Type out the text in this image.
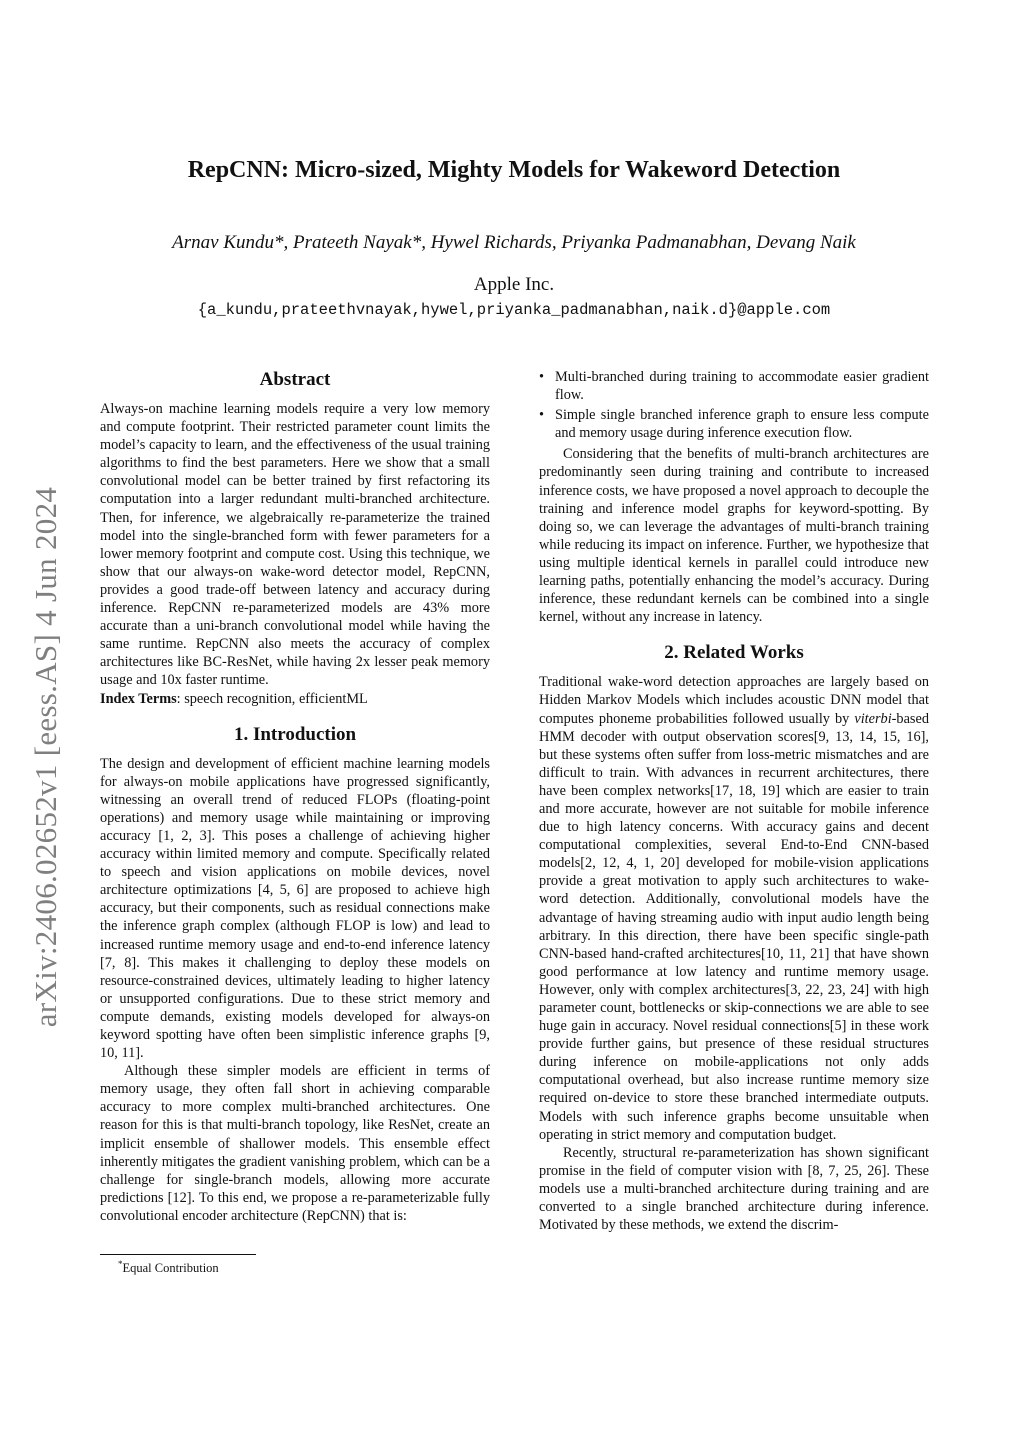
arXiv:2406.02652v1 [eess.AS] 4 Jun 2024
RepCNN: Micro-sized, Mighty Models for Wakeword Detection
Arnav Kundu*, Prateeth Nayak*, Hywel Richards, Priyanka Padmanabhan, Devang Naik
Apple Inc.
{a_kundu,prateethvnayak,hywel,priyanka_padmanabhan,naik.d}@apple.com
Abstract

Always-on machine learning models require a very low memory and compute footprint. Their restricted parameter count limits the model’s capacity to learn, and the effectiveness of the usual training algorithms to find the best parameters. Here we show that a small convolutional model can be better trained by first refactoring its computation into a larger redundant multi-branched architecture. Then, for inference, we algebraically re-parameterize the trained model into the single-branched form with fewer parameters for a lower memory footprint and compute cost. Using this technique, we show that our always-on wake-word detector model, RepCNN, provides a good trade-off between latency and accuracy during inference. RepCNN re-parameterized models are 43% more accurate than a uni-branch convolutional model while having the same runtime. RepCNN also meets the accuracy of complex architectures like BC-ResNet, while having 2x lesser peak memory usage and 10x faster runtime.

Index Terms: speech recognition, efficientML

1. Introduction

The design and development of efficient machine learning models for always-on mobile applications have progressed significantly, witnessing an overall trend of reduced FLOPs (floating-point operations) and memory usage while maintaining or improving accuracy [1, 2, 3]. This poses a challenge of achieving higher accuracy within limited memory and compute. Specifically related to speech and vision applications on mobile devices, novel architecture optimizations [4, 5, 6] are proposed to achieve high accuracy, but their components, such as residual connections make the inference graph complex (although FLOP is low) and lead to increased runtime memory usage and end-to-end inference latency [7, 8]. This makes it challenging to deploy these models on resource-constrained devices, ultimately leading to higher latency or unsupported configurations. Due to these strict memory and compute demands, existing models developed for always-on keyword spotting have often been simplistic inference graphs [9, 10, 11].

Although these simpler models are efficient in terms of memory usage, they often fall short in achieving comparable accuracy to more complex multi-branched architectures. One reason for this is that multi-branch topology, like ResNet, create an implicit ensemble of shallower models. This ensemble effect inherently mitigates the gradient vanishing problem, which can be a challenge for single-branch models, allowing more accurate predictions [12]. To this end, we propose a re-parameterizable fully convolutional encoder architecture (RepCNN) that is:

• Multi-branched during training to accommodate easier gradient flow.
• Simple single branched inference graph to ensure less compute and memory usage during inference execution flow.

Considering that the benefits of multi-branch architectures are predominantly seen during training and contribute to increased inference costs, we have proposed a novel approach to decouple the training and inference model graphs for keyword-spotting. By doing so, we can leverage the advantages of multi-branch training while reducing its impact on inference. Further, we hypothesize that using multiple identical kernels in parallel could introduce new learning paths, potentially enhancing the model’s accuracy. During inference, these redundant kernels can be combined into a single kernel, without any increase in latency.

2. Related Works

Traditional wake-word detection approaches are largely based on Hidden Markov Models which includes acoustic DNN model that computes phoneme probabilities followed usually by viterbi-based HMM decoder with output observation scores[9, 13, 14, 15, 16], but these systems often suffer from loss-metric mismatches and are difficult to train. With advances in recurrent architectures, there have been complex networks[17, 18, 19] which are easier to train and more accurate, however are not suitable for mobile inference due to high latency concerns. With accuracy gains and decent computational complexities, several End-to-End CNN-based models[2, 12, 4, 1, 20] developed for mobile-vision applications provide a great motivation to apply such architectures to wake-word detection. Additionally, convolutional models have the advantage of having streaming audio with input audio length being arbitrary. In this direction, there have been specific single-path CNN-based hand-crafted architectures[10, 11, 21] that have shown good performance at low latency and runtime memory usage. However, only with complex architectures[3, 22, 23, 24] with high parameter count, bottlenecks or skip-connections we are able to see huge gain in accuracy. Novel residual connections[5] in these work provide further gains, but presence of these residual structures during inference on mobile-applications not only adds computational overhead, but also increase runtime memory size required on-device to store these branched intermediate outputs. Models with such inference graphs become unsuitable when operating in strict memory and computation budget.

Recently, structural re-parameterization has shown significant promise in the field of computer vision with [8, 7, 25, 26]. These models use a multi-branched architecture during training and are converted to a single branched architecture during inference. Motivated by these methods, we extend the discrim-

*Equal Contribution
